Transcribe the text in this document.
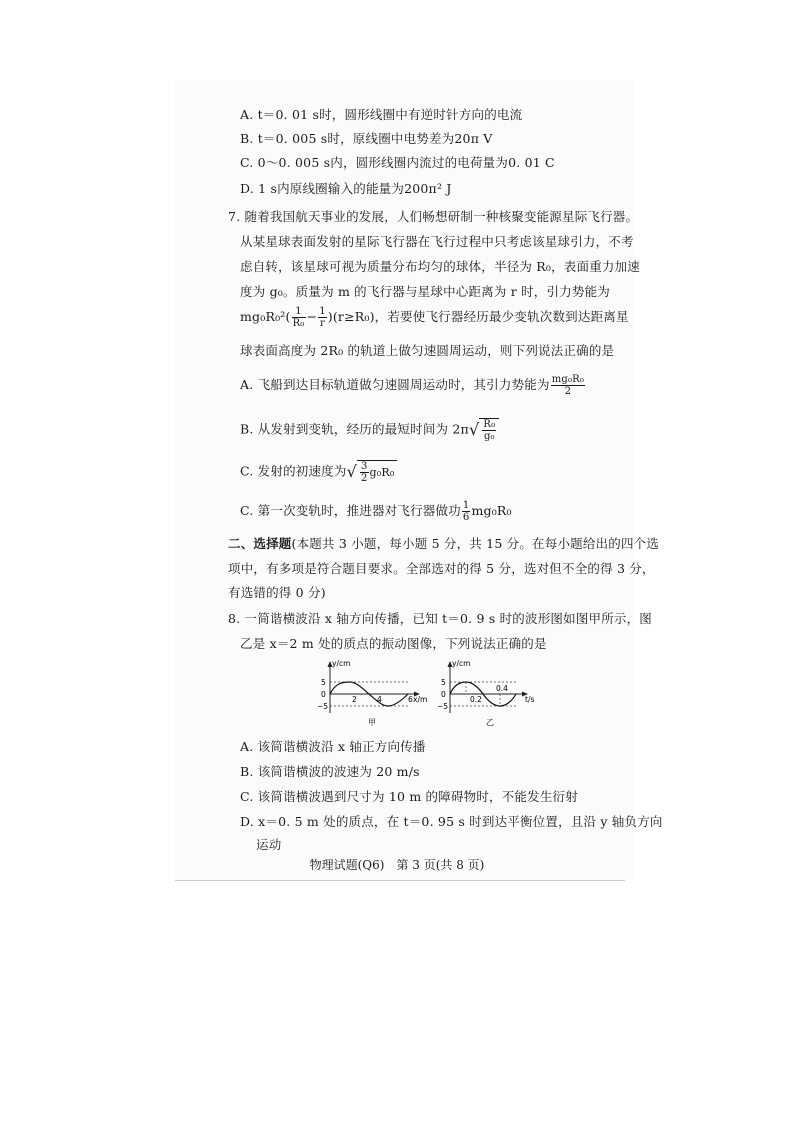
A. t＝0. 01 s时，圆形线圈中有逆时针方向的电流
B. t＝0. 005 s时，原线圈中电势差为20π V
C. 0～0. 005 s内，圆形线圈内流过的电荷量为0. 01 C
D. 1 s内原线圈输入的能量为200π² J
7. 随着我国航天事业的发展，人们畅想研制一种核聚变能源星际飞行器。
从某星球表面发射的星际飞行器在飞行过程中只考虑该星球引力，不考
虑自转，该星球可视为质量分布均匀的球体，半径为 R₀，表面重力加速
度为 g₀。质量为 m 的飞行器与星球中心距离为 r 时，引力势能为
$mg_0R_0^2( \frac{1}{\text{R₀}} - \frac{1}{r} )(r\ge R_0)$，若要使飞行器经历最少变轨次数到达距离星
球表面高度为 2R₀ 的轨道上做匀速圆周运动，则下列说法正确的是
A. 飞船到达目标轨道做匀速圆周运动时，其引力势能为 $\frac{\text{mg₀R₀}}{2}$
B. 从发射到变轨，经历的最短时间为 $2\pi√ \frac{\text{R₀}}{\text{g₀}}$
C. 发射的初速度为√ $\frac{3}{2} g_0R_0$
C. 第一次变轨时，推进器对飞行器做功 $\frac{1}{6} mg_0R_0$
二、选择题(本题共 3 小题，每小题 5 分，共 15 分。在每小题给出的四个选
项中，有多项是符合题目要求。全部选对的得 5 分，选对但不全的得 3 分，
有选错的得 0 分)
8. 一简谐横波沿 x 轴方向传播，已知 t＝0. 9 s 时的波形图如图甲所示，图
乙是 x＝2 m 处的质点的振动图像，下列说法正确的是
y/cm
5
0
−5
2	4	6 x/m
甲
y/cm
5
0
−5
0.2
0.4
t/s
乙
A. 该简谐横波沿 x 轴正方向传播
B. 该简谐横波的波速为 20 m/s
C. 该简谐横波遇到尺寸为 10 m 的障碍物时，不能发生衍射
D. x＝0. 5 m 处的质点，在 t＝0. 95 s 时到达平衡位置，且沿 y 轴负方向
运动
物理试题(Q6)　第 3 页(共 8 页)
